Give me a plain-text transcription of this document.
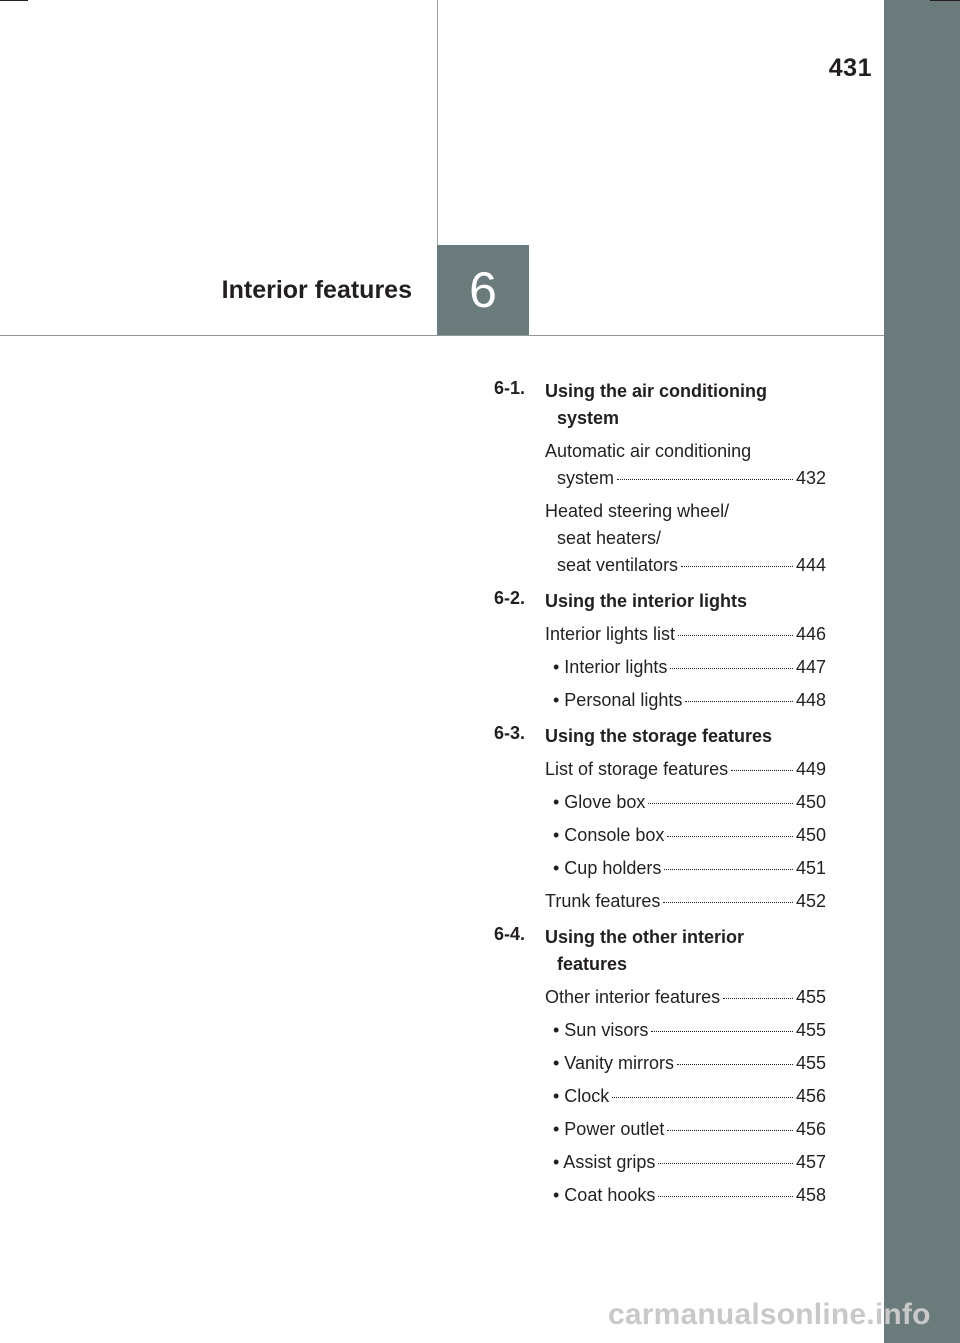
431
Interior features	6
6-1. Using the air conditioning
system
Automatic air conditioning
system	432
Heated steering wheel/
seat heaters/
seat ventilators	444
6-2. Using the interior lights
Interior lights list	446
• Interior lights	447
• Personal lights	448
6-3. Using the storage features
List of storage features	449
• Glove box	450
• Console box	450
• Cup holders	451
Trunk features	452
6-4. Using the other interior
features
Other interior features	455
• Sun visors	455
• Vanity mirrors	455
• Clock	456
• Power outlet	456
• Assist grips	457
• Coat hooks	458
carmanualsonline.info
